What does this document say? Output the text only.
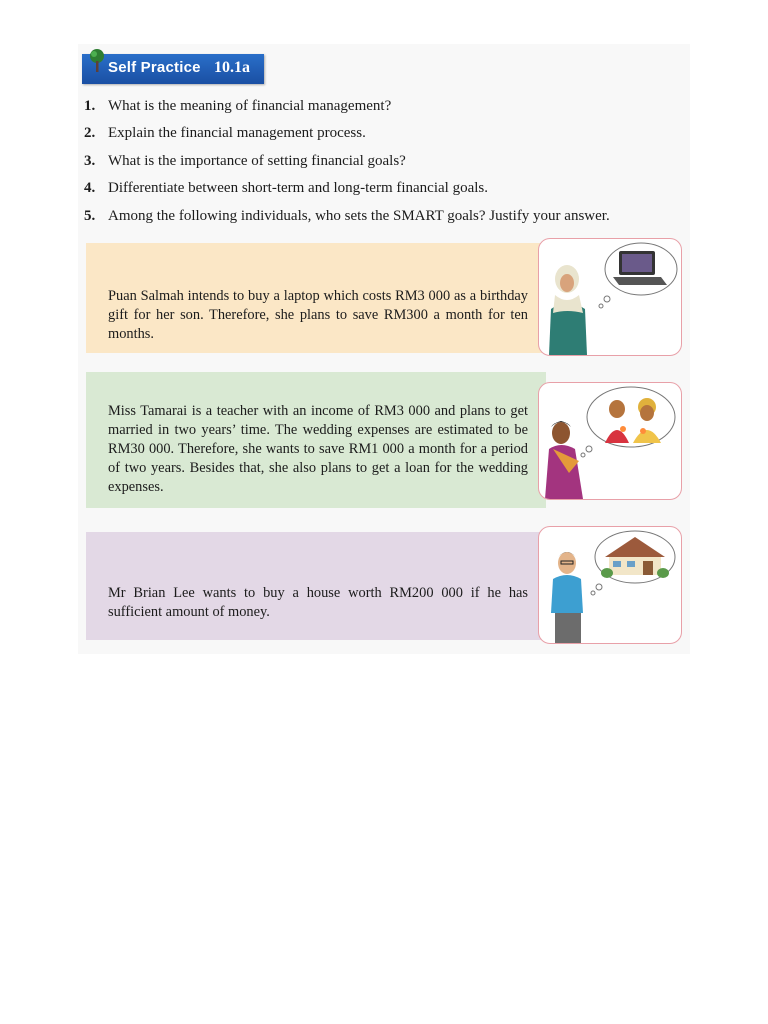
Self Practice 10.1a
1. What is the meaning of financial management?
2. Explain the financial management process.
3. What is the importance of setting financial goals?
4. Differentiate between short-term and long-term financial goals.
5. Among the following individuals, who sets the SMART goals? Justify your answer.

Puan Salmah intends to buy a laptop which costs RM3 000 as a birthday gift for her son. Therefore, she plans to save RM300 a month for ten months.

Miss Tamarai is a teacher with an income of RM3 000 and plans to get married in two years’ time. The wedding expenses are estimated to be RM30 000. Therefore, she wants to save RM1 000 a month for a period of two years. Besides that, she also plans to get a loan for the wedding expenses.

Mr Brian Lee wants to buy a house worth RM200 000 if he has sufficient amount of money.
